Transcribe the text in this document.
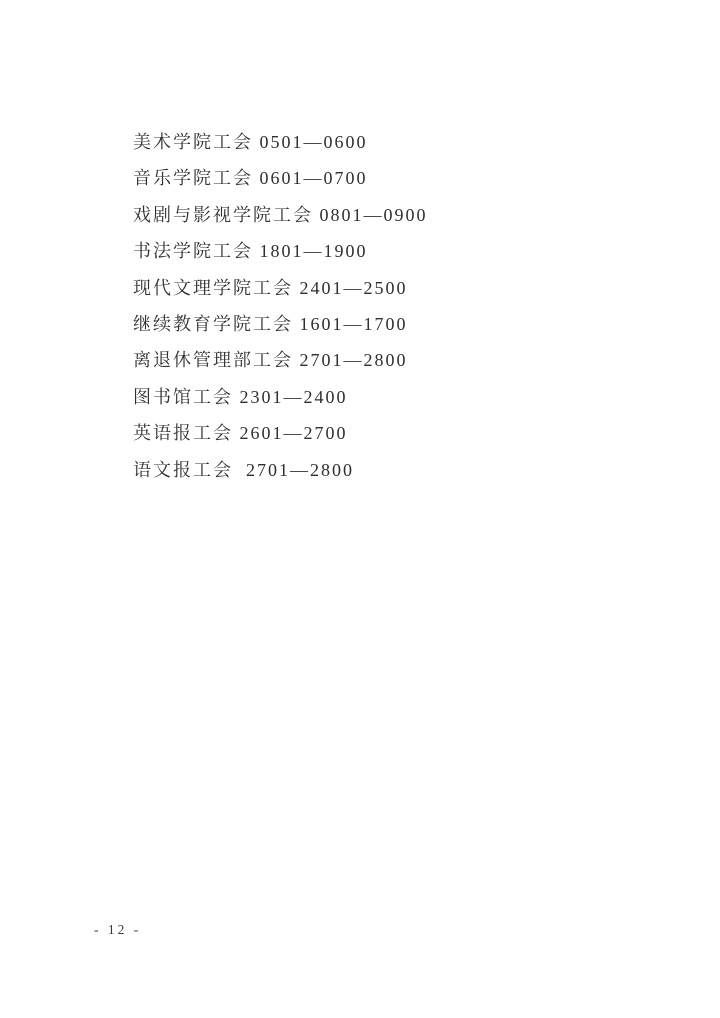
美术学院工会 0501—0600
音乐学院工会 0601—0700
戏剧与影视学院工会 0801—0900
书法学院工会 1801—1900
现代文理学院工会 2401—2500
继续教育学院工会 1601—1700
离退休管理部工会 2701—2800
图书馆工会 2301—2400
英语报工会 2601—2700
语文报工会  2701—2800
- 12 -
